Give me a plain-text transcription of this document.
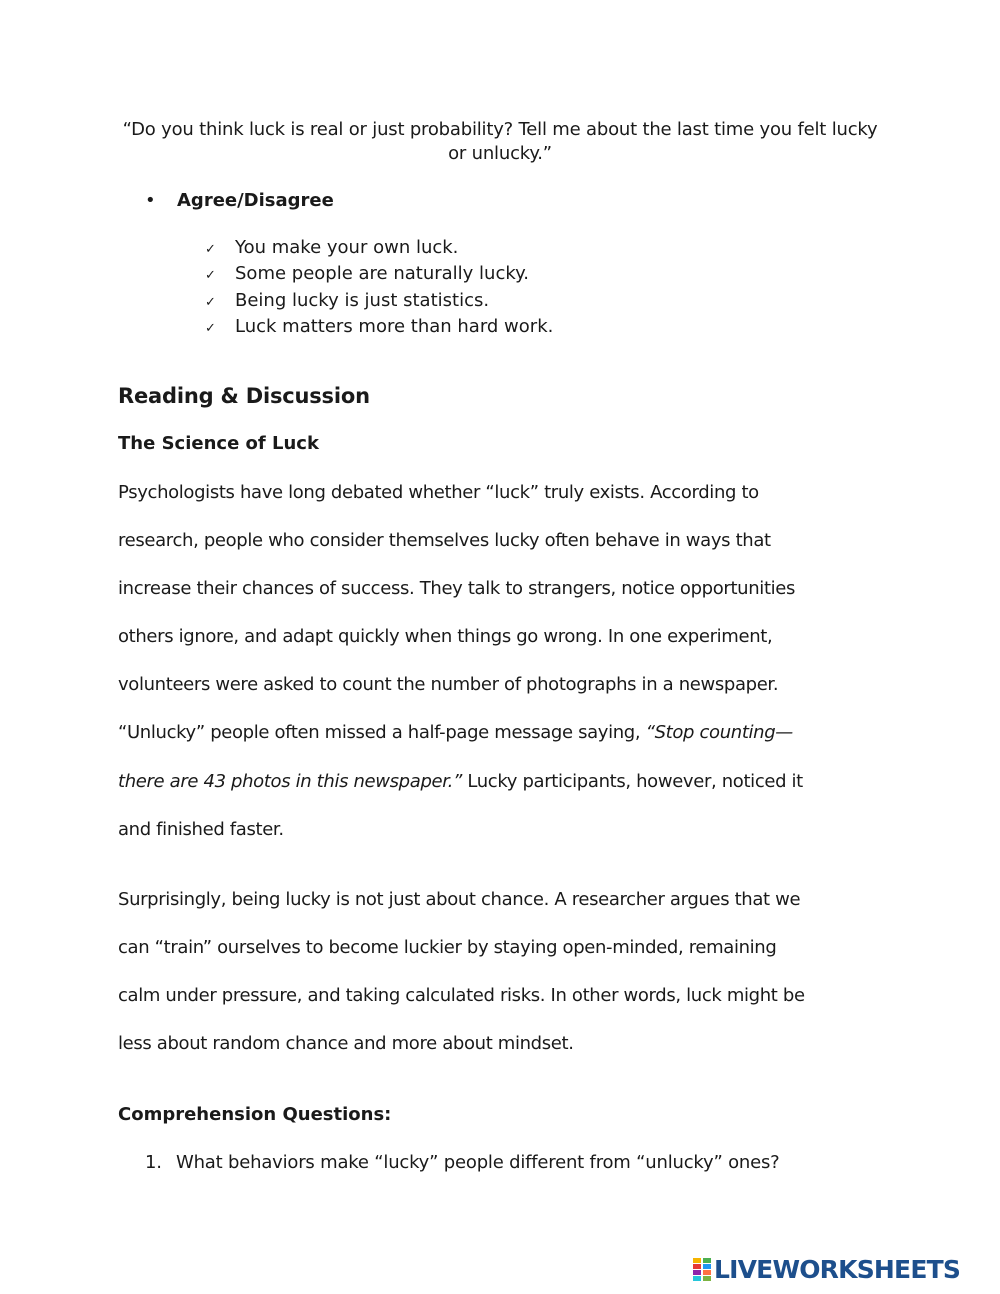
“Do you think luck is real or just probability? Tell me about the last time you felt lucky or unlucky.”
• Agree/Disagree
✓ You make your own luck.
✓ Some people are naturally lucky.
✓ Being lucky is just statistics.
✓ Luck matters more than hard work.
Reading & Discussion
The Science of Luck
Psychologists have long debated whether “luck” truly exists. According to
research, people who consider themselves lucky often behave in ways that
increase their chances of success. They talk to strangers, notice opportunities
others ignore, and adapt quickly when things go wrong. In one experiment,
volunteers were asked to count the number of photographs in a newspaper.
“Unlucky” people often missed a half-page message saying, “Stop counting—
there are 43 photos in this newspaper.” Lucky participants, however, noticed it
and finished faster.
Surprisingly, being lucky is not just about chance. A researcher argues that we
can “train” ourselves to become luckier by staying open-minded, remaining
calm under pressure, and taking calculated risks. In other words, luck might be
less about random chance and more about mindset.
Comprehension Questions:
1. What behaviors make “lucky” people different from “unlucky” ones?
LIVEWORKSHEETS
